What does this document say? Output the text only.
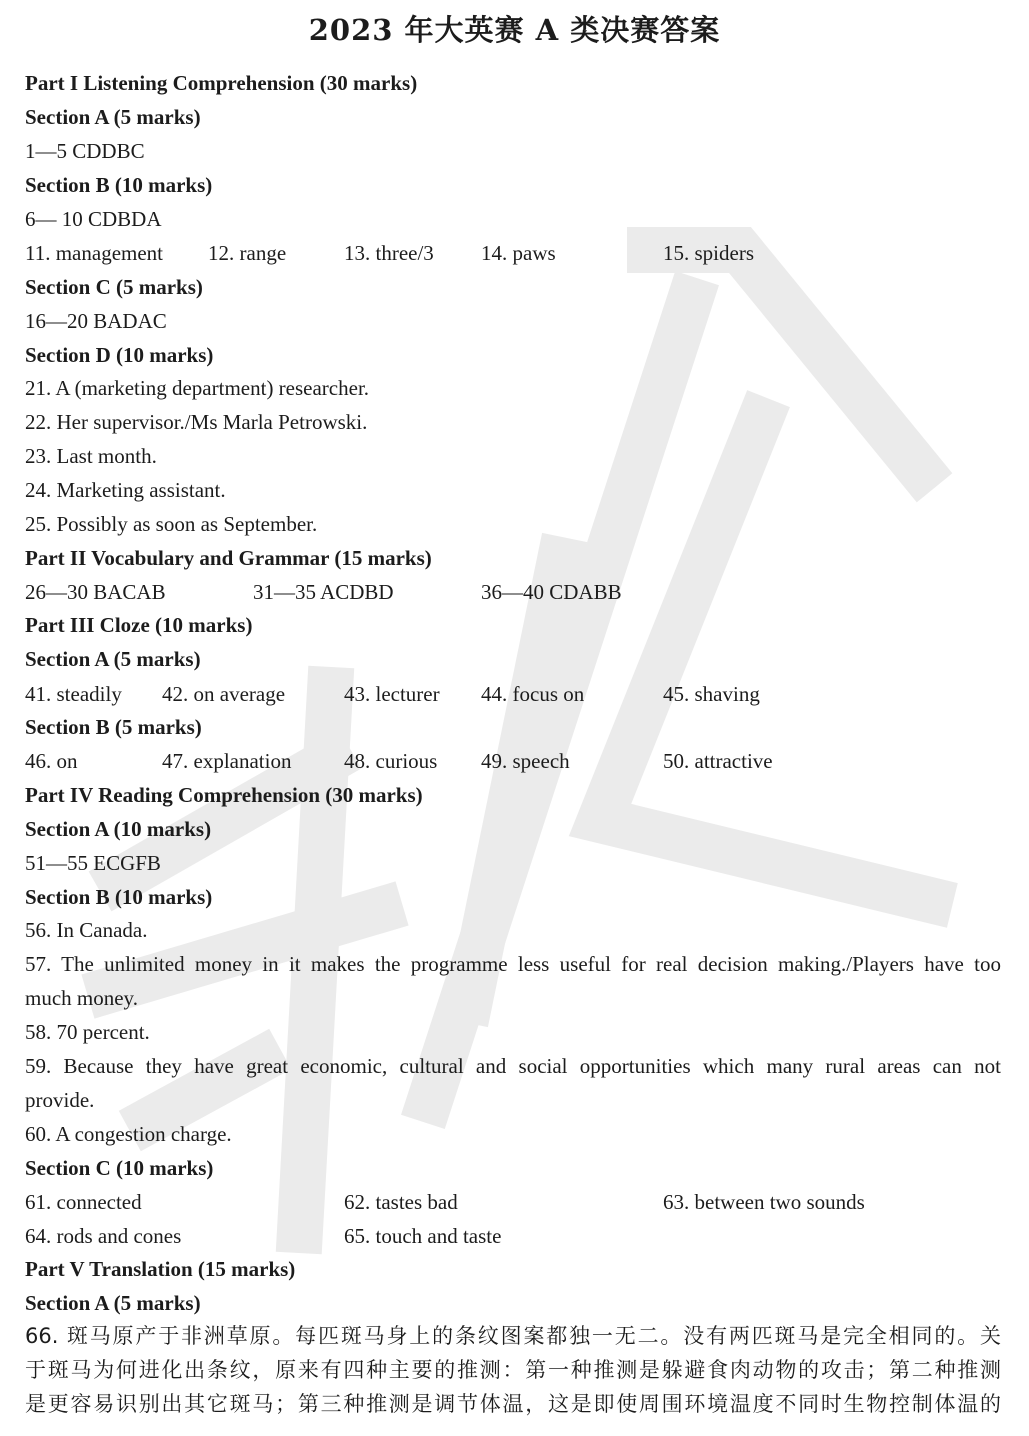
2023 年大英赛 A 类决赛答案
Part I Listening Comprehension (30 marks)
Section A (5 marks)
1—5 CDDBC
Section B (10 marks)
6— 10 CDBDA
11. management 12. range	13. three/3 14. paws	15. spiders
Section C (5 marks)
16—20 BADAC
Section D (10 marks)
21. A (marketing department) researcher.
22. Her supervisor./Ms Marla Petrowski.
23. Last month.
24. Marketing assistant.
25. Possibly as soon as September.
Part II Vocabulary and Grammar (15 marks)
26—30 BACAB	31—35 ACDBD	36—40 CDABB
Part III Cloze (10 marks)
Section A (5 marks)
41. steadily 42. on average	43. lecturer 44. focus on	45. shaving
Section B (5 marks)
46. on	47. explanation	48. curious 49. speech	50. attractive
Part IV Reading Comprehension (30 marks)
Section A (10 marks)
51—55 ECGFB
Section B (10 marks)
56. In Canada.
57. The unlimited money in it makes the programme less useful for real decision making./Players have too
much money.
58. 70 percent.
59. Because they have great economic, cultural and social opportunities which many rural areas can not
provide.
60. A congestion charge.
Section C (10 marks)
61. connected	62. tastes bad	63. between two sounds
64. rods and cones	65. touch and taste
Part V Translation (15 marks)
Section A (5 marks)
66. 斑马原产于非洲草原。每匹斑马身上的条纹图案都独一无二。没有两匹斑马是完全相同的。关
于斑马为何进化出条纹，原来有四种主要的推测：第一种推测是躲避食肉动物的攻击；第二种推测
是更容易识别出其它斑马；第三种推测是调节体温，这是即使周围环境温度不同时生物控制体温的
